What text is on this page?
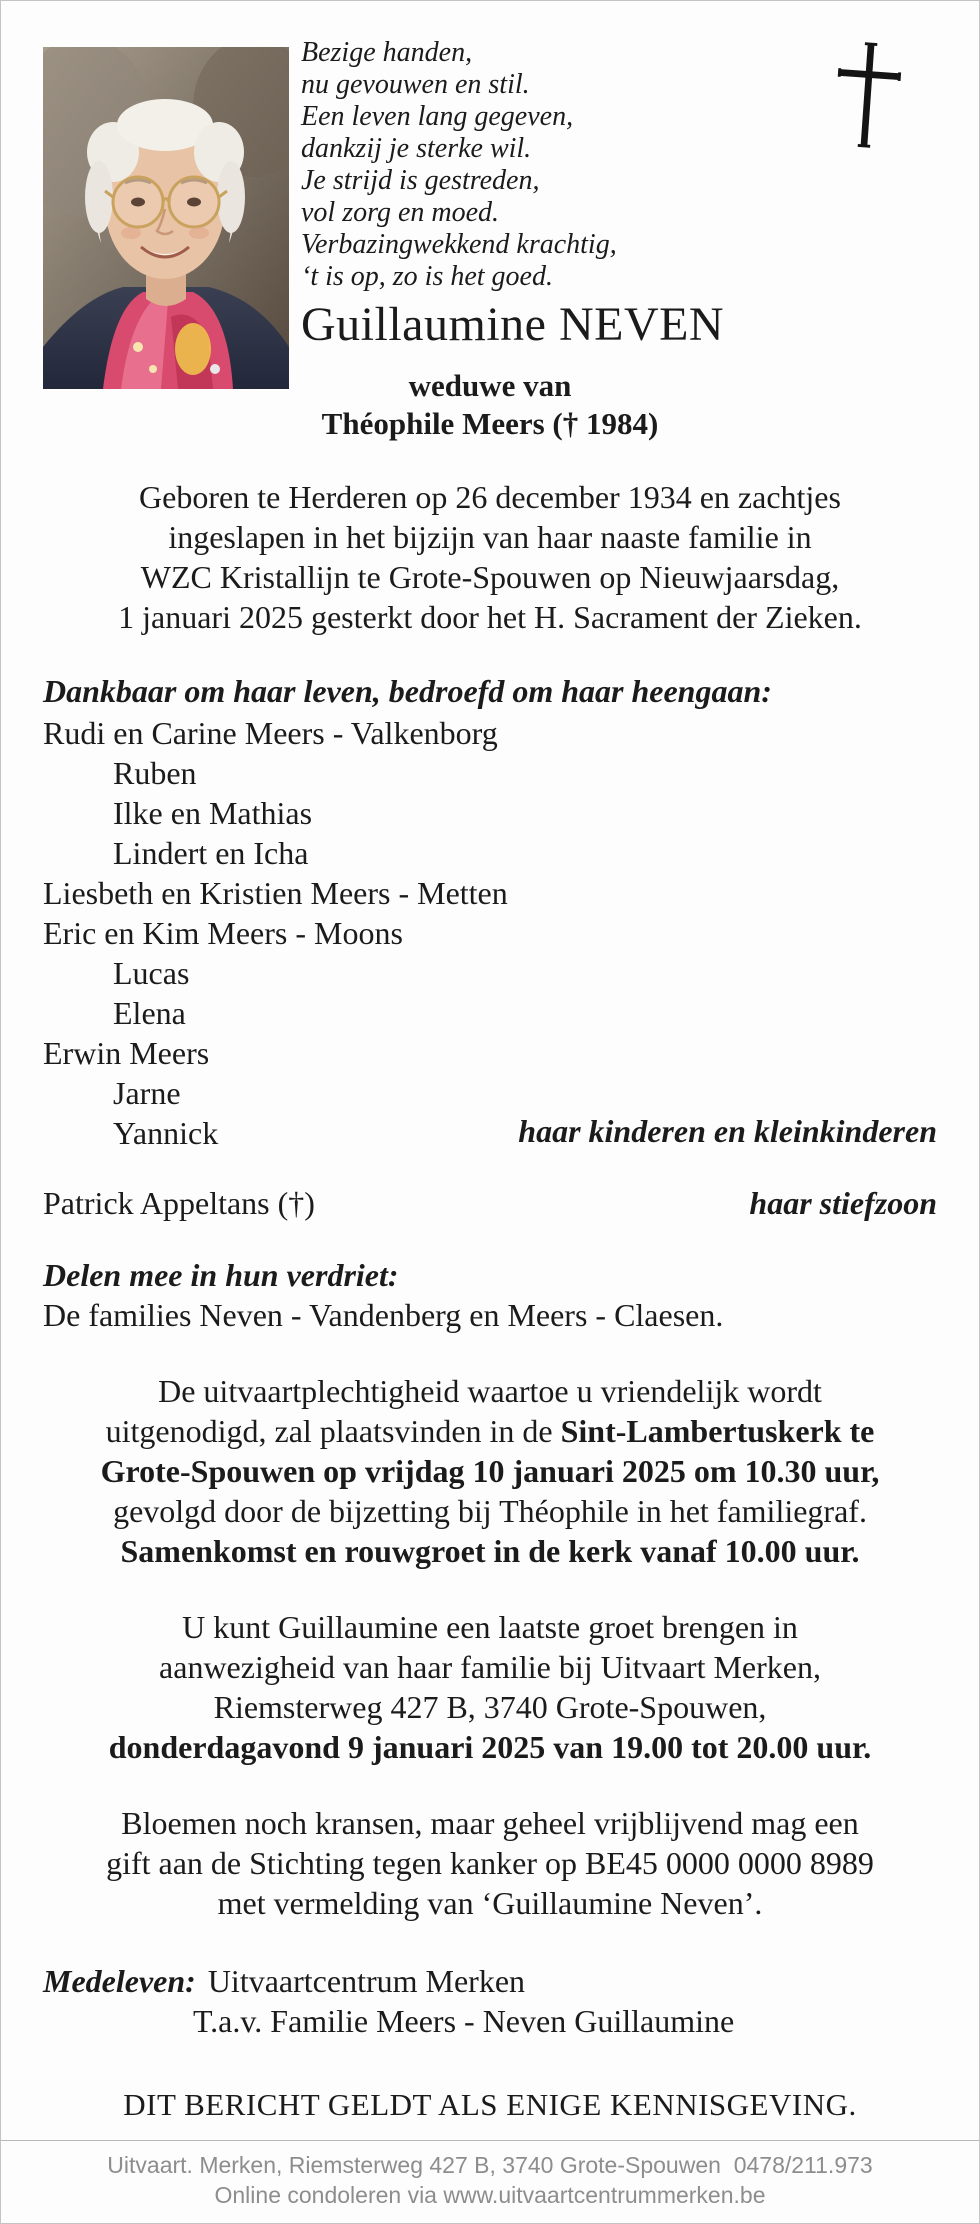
Bezige handen,
nu gevouwen en stil.
Een leven lang gegeven,
dankzij je sterke wil.
Je strijd is gestreden,
vol zorg en moed.
Verbazingwekkend krachtig,
‘t is op, zo is het goed.
Guillaumine NEVEN
weduwe van
Théophile Meers († 1984)
Geboren te Herderen op 26 december 1934 en zachtjes
ingeslapen in het bijzijn van haar naaste familie in
WZC Kristallijn te Grote-Spouwen op Nieuwjaarsdag,
1 januari 2025 gesterkt door het H. Sacrament der Zieken.
Dankbaar om haar leven, bedroefd om haar heengaan:
haar kinderen en kleinkinderen
Rudi en Carine Meers - Valkenborg
Ruben
Ilke en Mathias
Lindert en Icha
Liesbeth en Kristien Meers - Metten
Eric en Kim Meers - Moons
Lucas
Elena
Erwin Meers
Jarne
Yannick
Patrick Appeltans (†)	haar stiefzoon
Delen mee in hun verdriet:
De families Neven - Vandenberg en Meers - Claesen.
De uitvaartplechtigheid waartoe u vriendelijk wordt
uitgenodigd, zal plaatsvinden in de Sint-Lambertuskerk te
Grote-Spouwen op vrijdag 10 januari 2025 om 10.30 uur,
gevolgd door de bijzetting bij Théophile in het familiegraf.
Samenkomst en rouwgroet in de kerk vanaf 10.00 uur.
U kunt Guillaumine een laatste groet brengen in
aanwezigheid van haar familie bij Uitvaart Merken,
Riemsterweg 427 B, 3740 Grote-Spouwen,
donderdagavond 9 januari 2025 van 19.00 tot 20.00 uur.
Bloemen noch kransen, maar geheel vrijblijvend mag een
gift aan de Stichting tegen kanker op BE45 0000 0000 8989
met vermelding van ‘Guillaumine Neven’.
Medeleven: Uitvaartcentrum Merken
T.a.v. Familie Meers - Neven Guillaumine
DIT BERICHT GELDT ALS ENIGE KENNISGEVING.
Uitvaart. Merken, Riemsterweg 427 B, 3740 Grote-Spouwen  0478/211.973
Online condoleren via www.uitvaartcentrummerken.be
